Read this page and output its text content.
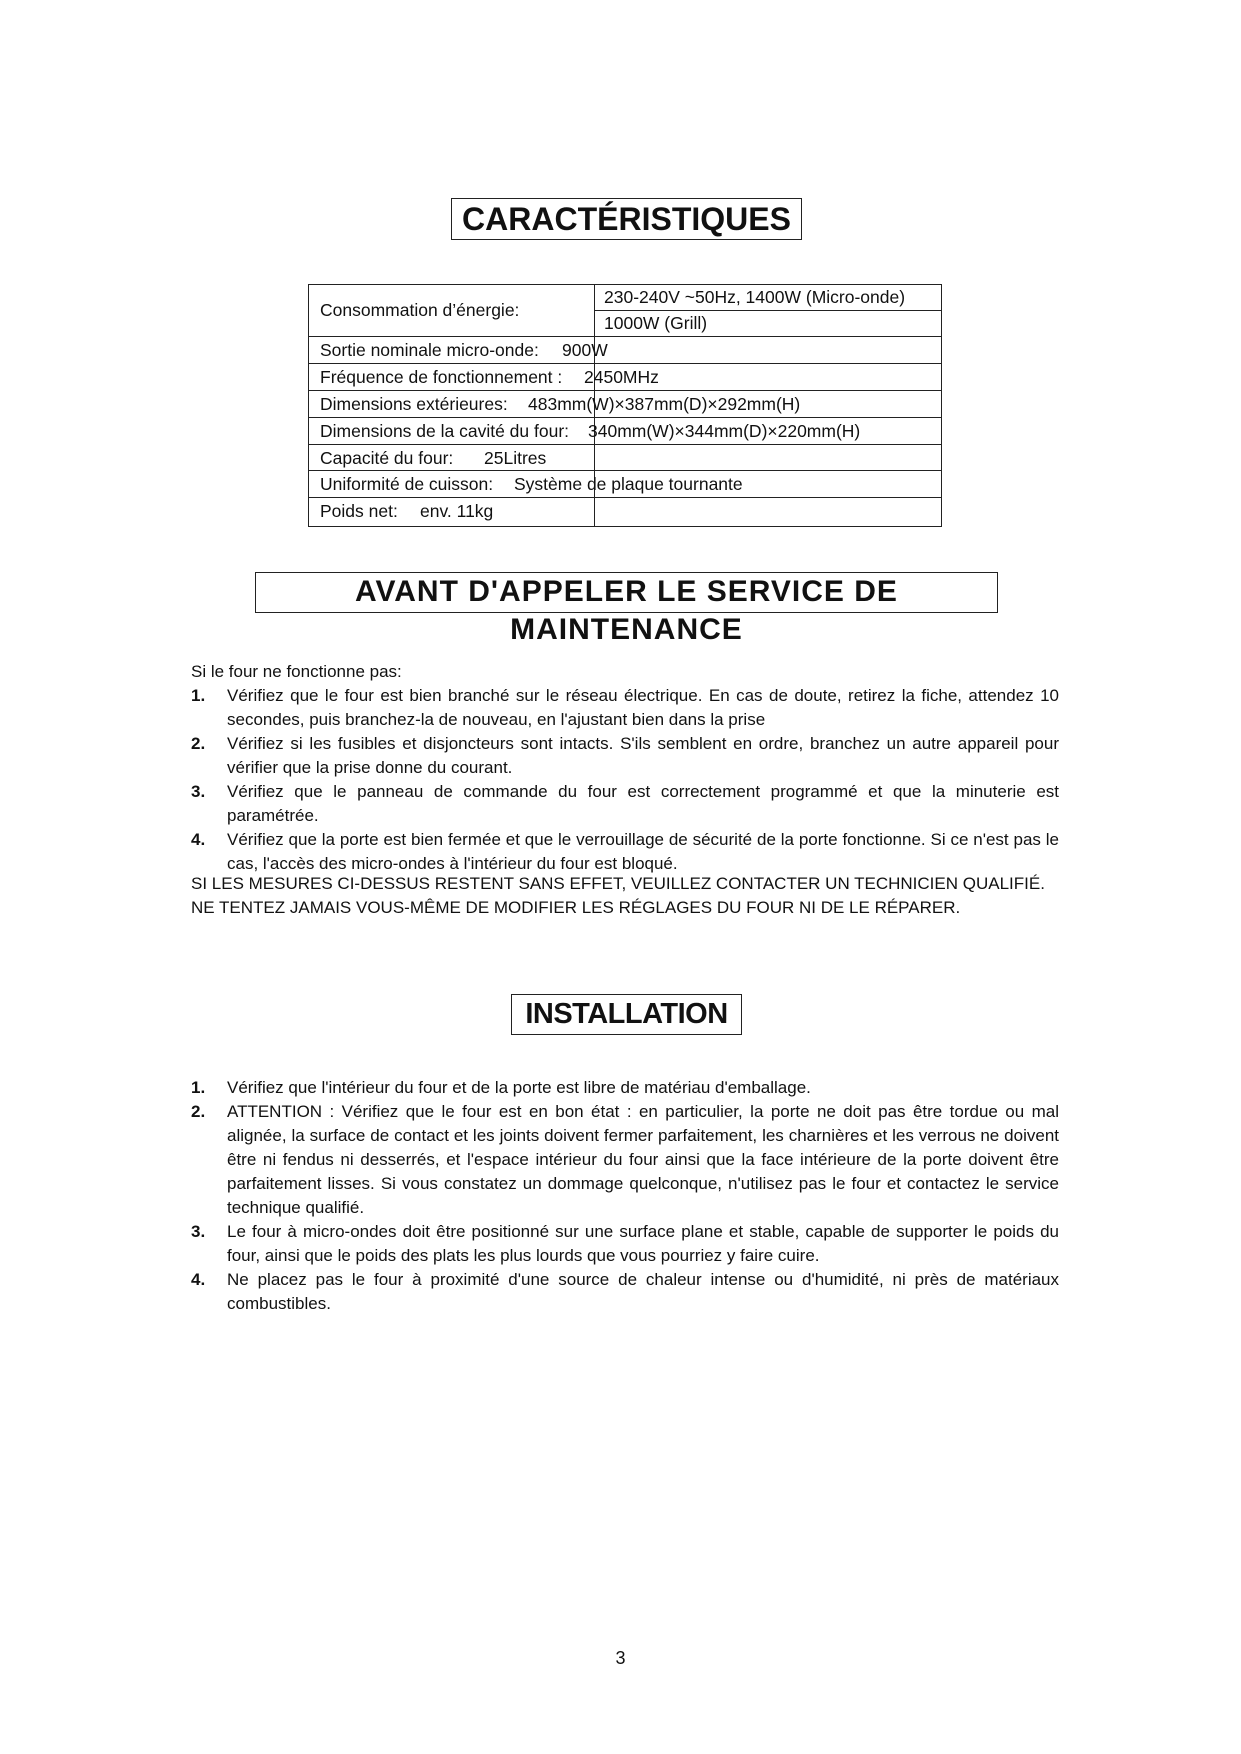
CARACTÉRISTIQUES
Consommation d’énergie:
230-240V ~50Hz, 1400W (Micro-onde)
1000W (Grill)
Sortie nominale micro-onde: 900W
Fréquence de fonctionnement : 2450MHz
Dimensions extérieures: 483mm(W)×387mm(D)×292mm(H)
Dimensions de la cavité du four: 340mm(W)×344mm(D)×220mm(H)
Capacité du four: 25Litres
Uniformité de cuisson: Système de plaque tournante
Poids net: env. 11kg
AVANT D'APPELER LE SERVICE DE MAINTENANCE

Si le four ne fonctionne pas:

1. Vérifiez que le four est bien branché sur le réseau électrique. En cas de doute, retirez la fiche, attendez 10 secondes, puis branchez-la de nouveau, en l'ajustant bien dans la prise
2. Vérifiez si les fusibles et disjoncteurs sont intacts. S'ils semblent en ordre, branchez un autre appareil pour vérifier que la prise donne du courant.
3. Vérifiez que le panneau de commande du four est correctement programmé et que la minuterie est paramétrée.
4. Vérifiez que la porte est bien fermée et que le verrouillage de sécurité de la porte fonctionne. Si ce n'est pas le cas, l'accès des micro-ondes à l'intérieur du four est bloqué.

SI LES MESURES CI-DESSUS RESTENT SANS EFFET, VEUILLEZ CONTACTER UN TECHNICIEN QUALIFIÉ. NE TENTEZ JAMAIS VOUS-MÊME DE MODIFIER LES RÉGLAGES DU FOUR NI DE LE RÉPARER.

INSTALLATION
1. Vérifiez que l'intérieur du four et de la porte est libre de matériau d'emballage.
2. ATTENTION : Vérifiez que le four est en bon état : en particulier, la porte ne doit pas être tordue ou mal alignée, la surface de contact et les joints doivent fermer parfaitement, les charnières et les verrous ne doivent être ni fendus ni desserrés, et l'espace intérieur du four ainsi que la face intérieure de la porte doivent être parfaitement lisses. Si vous constatez un dommage quelconque, n'utilisez pas le four et contactez le service technique qualifié.
3. Le four à micro-ondes doit être positionné sur une surface plane et stable, capable de supporter le poids du four, ainsi que le poids des plats les plus lourds que vous pourriez y faire cuire.
4. Ne placez pas le four à proximité d'une source de chaleur intense ou d'humidité, ni près de matériaux combustibles.
3
